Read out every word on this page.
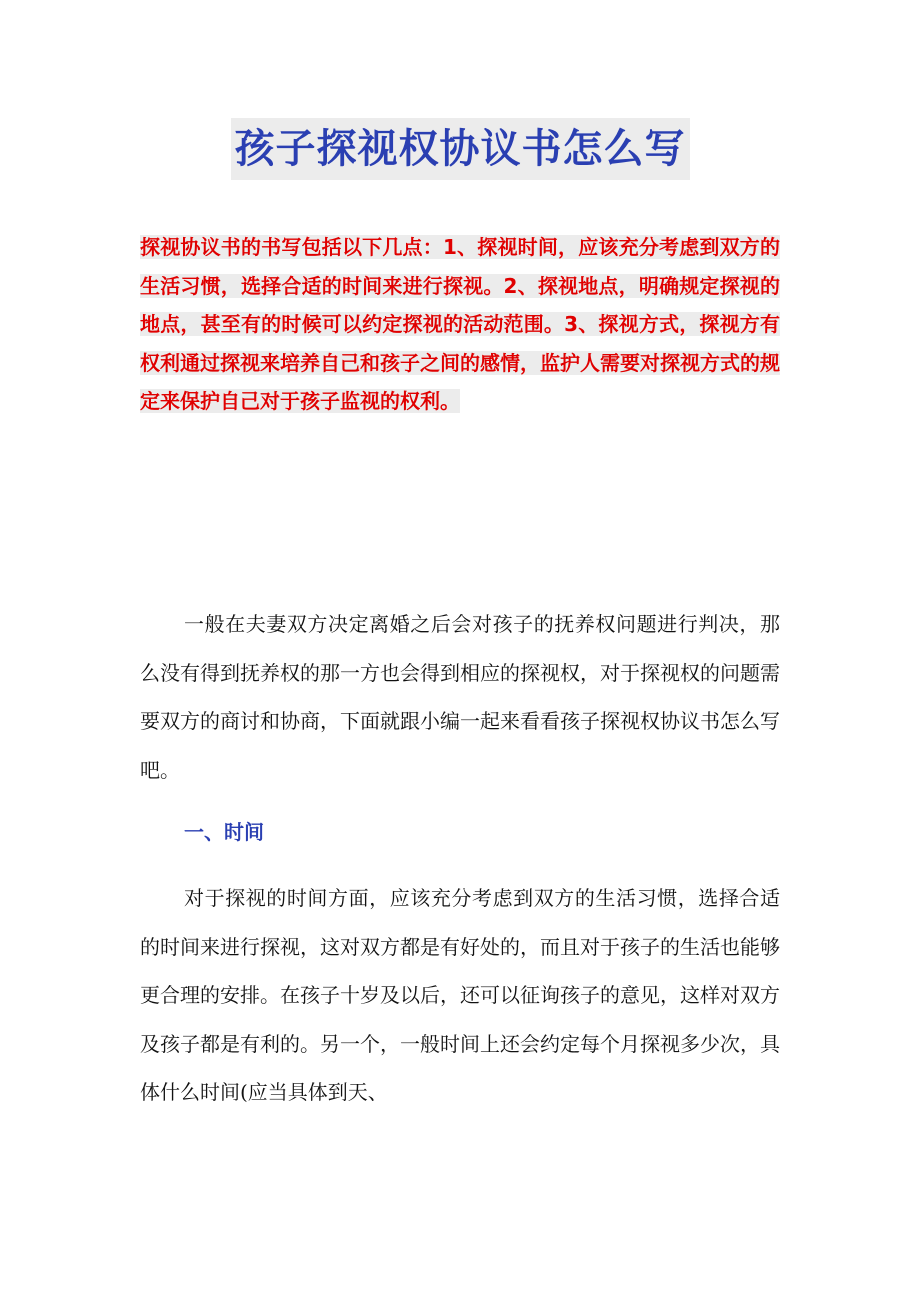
孩子探视权协议书怎么写

探视协议书的书写包括以下几点：1、探视时间，应该充分考虑到双方的生活习惯，选择合适的时间来进行探视。2、探视地点，明确规定探视的地点，甚至有的时候可以约定探视的活动范围。3、探视方式，探视方有权利通过探视来培养自己和孩子之间的感情，监护人需要对探视方式的规定来保护自己对于孩子监视的权利。

一般在夫妻双方决定离婚之后会对孩子的抚养权问题进行判决，那么没有得到抚养权的那一方也会得到相应的探视权，对于探视权的问题需要双方的商讨和协商，下面就跟小编一起来看看孩子探视权协议书怎么写吧。

一、时间

对于探视的时间方面，应该充分考虑到双方的生活习惯，选择合适的时间来进行探视，这对双方都是有好处的，而且对于孩子的生活也能够更合理的安排。在孩子十岁及以后，还可以征询孩子的意见，这样对双方及孩子都是有利的。另一个，一般时间上还会约定每个月探视多少次，具体什么时间(应当具体到天、
